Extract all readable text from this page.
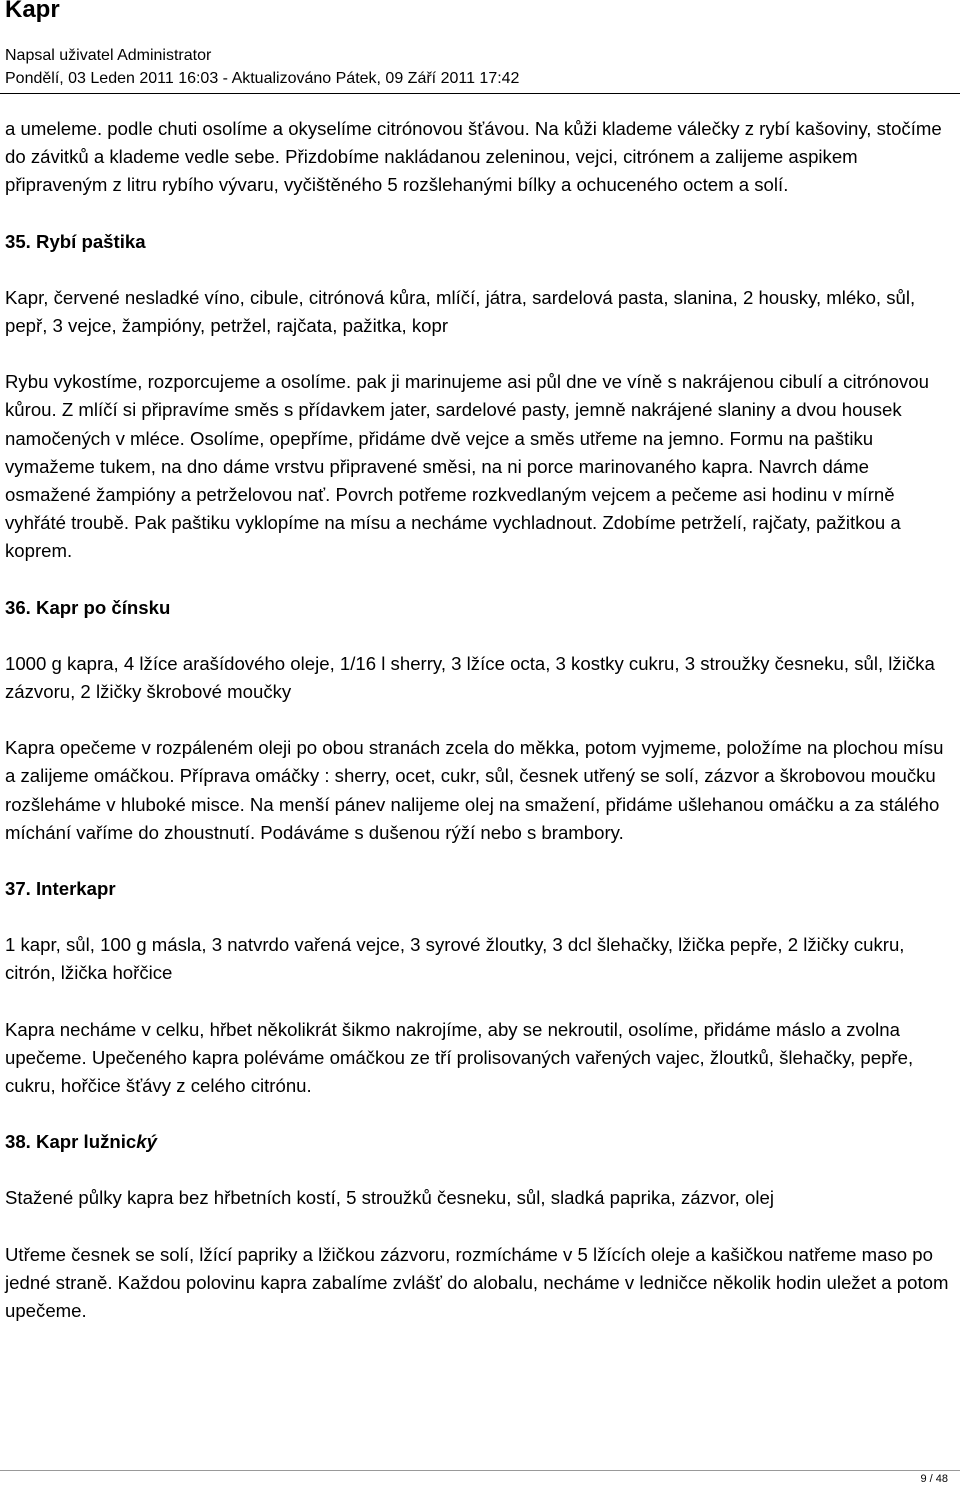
Kapr
Napsal uživatel Administrator
Pondělí, 03 Leden 2011 16:03 - Aktualizováno Pátek, 09 Září 2011 17:42

a umeleme. podle chuti osolíme a okyselíme citrónovou šťávou. Na kůži klademe válečky z rybí kašoviny, stočíme do závitků a klademe vedle sebe. Přizdobíme nakládanou zeleninou, vejci, citrónem a zalijeme aspikem připraveným z litru rybího vývaru, vyčištěného 5 rozšlehanými bílky a ochuceného octem a solí.

35. Rybí paštika

Kapr, červené nesladké víno, cibule, citrónová kůra, mlíčí, játra, sardelová pasta, slanina, 2 housky, mléko, sůl, pepř, 3 vejce, žampióny, petržel, rajčata, pažitka, kopr

Rybu vykostíme, rozporcujeme a osolíme. pak ji marinujeme asi půl dne ve víně s nakrájenou cibulí a citrónovou kůrou. Z mlíčí si připravíme směs s přídavkem jater, sardelové pasty, jemně nakrájené slaniny a dvou housek namočených v mléce. Osolíme, opepříme, přidáme dvě vejce a směs utřeme na jemno. Formu na paštiku vymažeme tukem, na dno dáme vrstvu připravené směsi, na ni porce marinovaného kapra. Navrch dáme osmažené žampióny a petrželovou nať. Povrch potřeme rozkvedlaným vejcem a pečeme asi hodinu v mírně vyhřáté troubě. Pak paštiku vyklopíme na mísu a necháme vychladnout. Zdobíme petrželí, rajčaty, pažitkou a koprem.

36. Kapr po čínsku

1000 g kapra, 4 lžíce arašídového oleje, 1/16 l sherry, 3 lžíce octa, 3 kostky cukru, 3 stroužky česneku, sůl, lžička zázvoru, 2 lžičky škrobové moučky

Kapra opečeme v rozpáleném oleji po obou stranách zcela do měkka, potom vyjmeme, položíme na plochou mísu a zalijeme omáčkou. Příprava omáčky : sherry, ocet, cukr, sůl, česnek utřený se solí, zázvor a škrobovou moučku rozšleháme v hluboké misce. Na menší pánev nalijeme olej na smažení, přidáme ušlehanou omáčku a za stálého míchání vaříme do zhoustnutí. Podáváme s dušenou rýží nebo s brambory.

37. Interkapr

1 kapr, sůl, 100 g másla, 3 natvrdo vařená vejce, 3 syrové žloutky, 3 dcl šlehačky, lžička pepře, 2 lžičky cukru, citrón, lžička hořčice

Kapra necháme v celku, hřbet několikrát šikmo nakrojíme, aby se nekroutil, osolíme, přidáme máslo a zvolna upečeme. Upečeného kapra poléváme omáčkou ze tří prolisovaných vařených vajec, žloutků, šlehačky, pepře, cukru, hořčice šťávy z celého citrónu.

38. Kapr lužnický

Stažené půlky kapra bez hřbetních kostí, 5 stroužků česneku, sůl, sladká paprika, zázvor, olej

Utřeme česnek se solí, lžící papriky a lžičkou zázvoru, rozmícháme v 5 lžících oleje a kašičkou natřeme maso po jedné straně. Každou polovinu kapra zabalíme zvlášť do alobalu, necháme v ledničce několik hodin uležet a potom upečeme.

9 / 48
